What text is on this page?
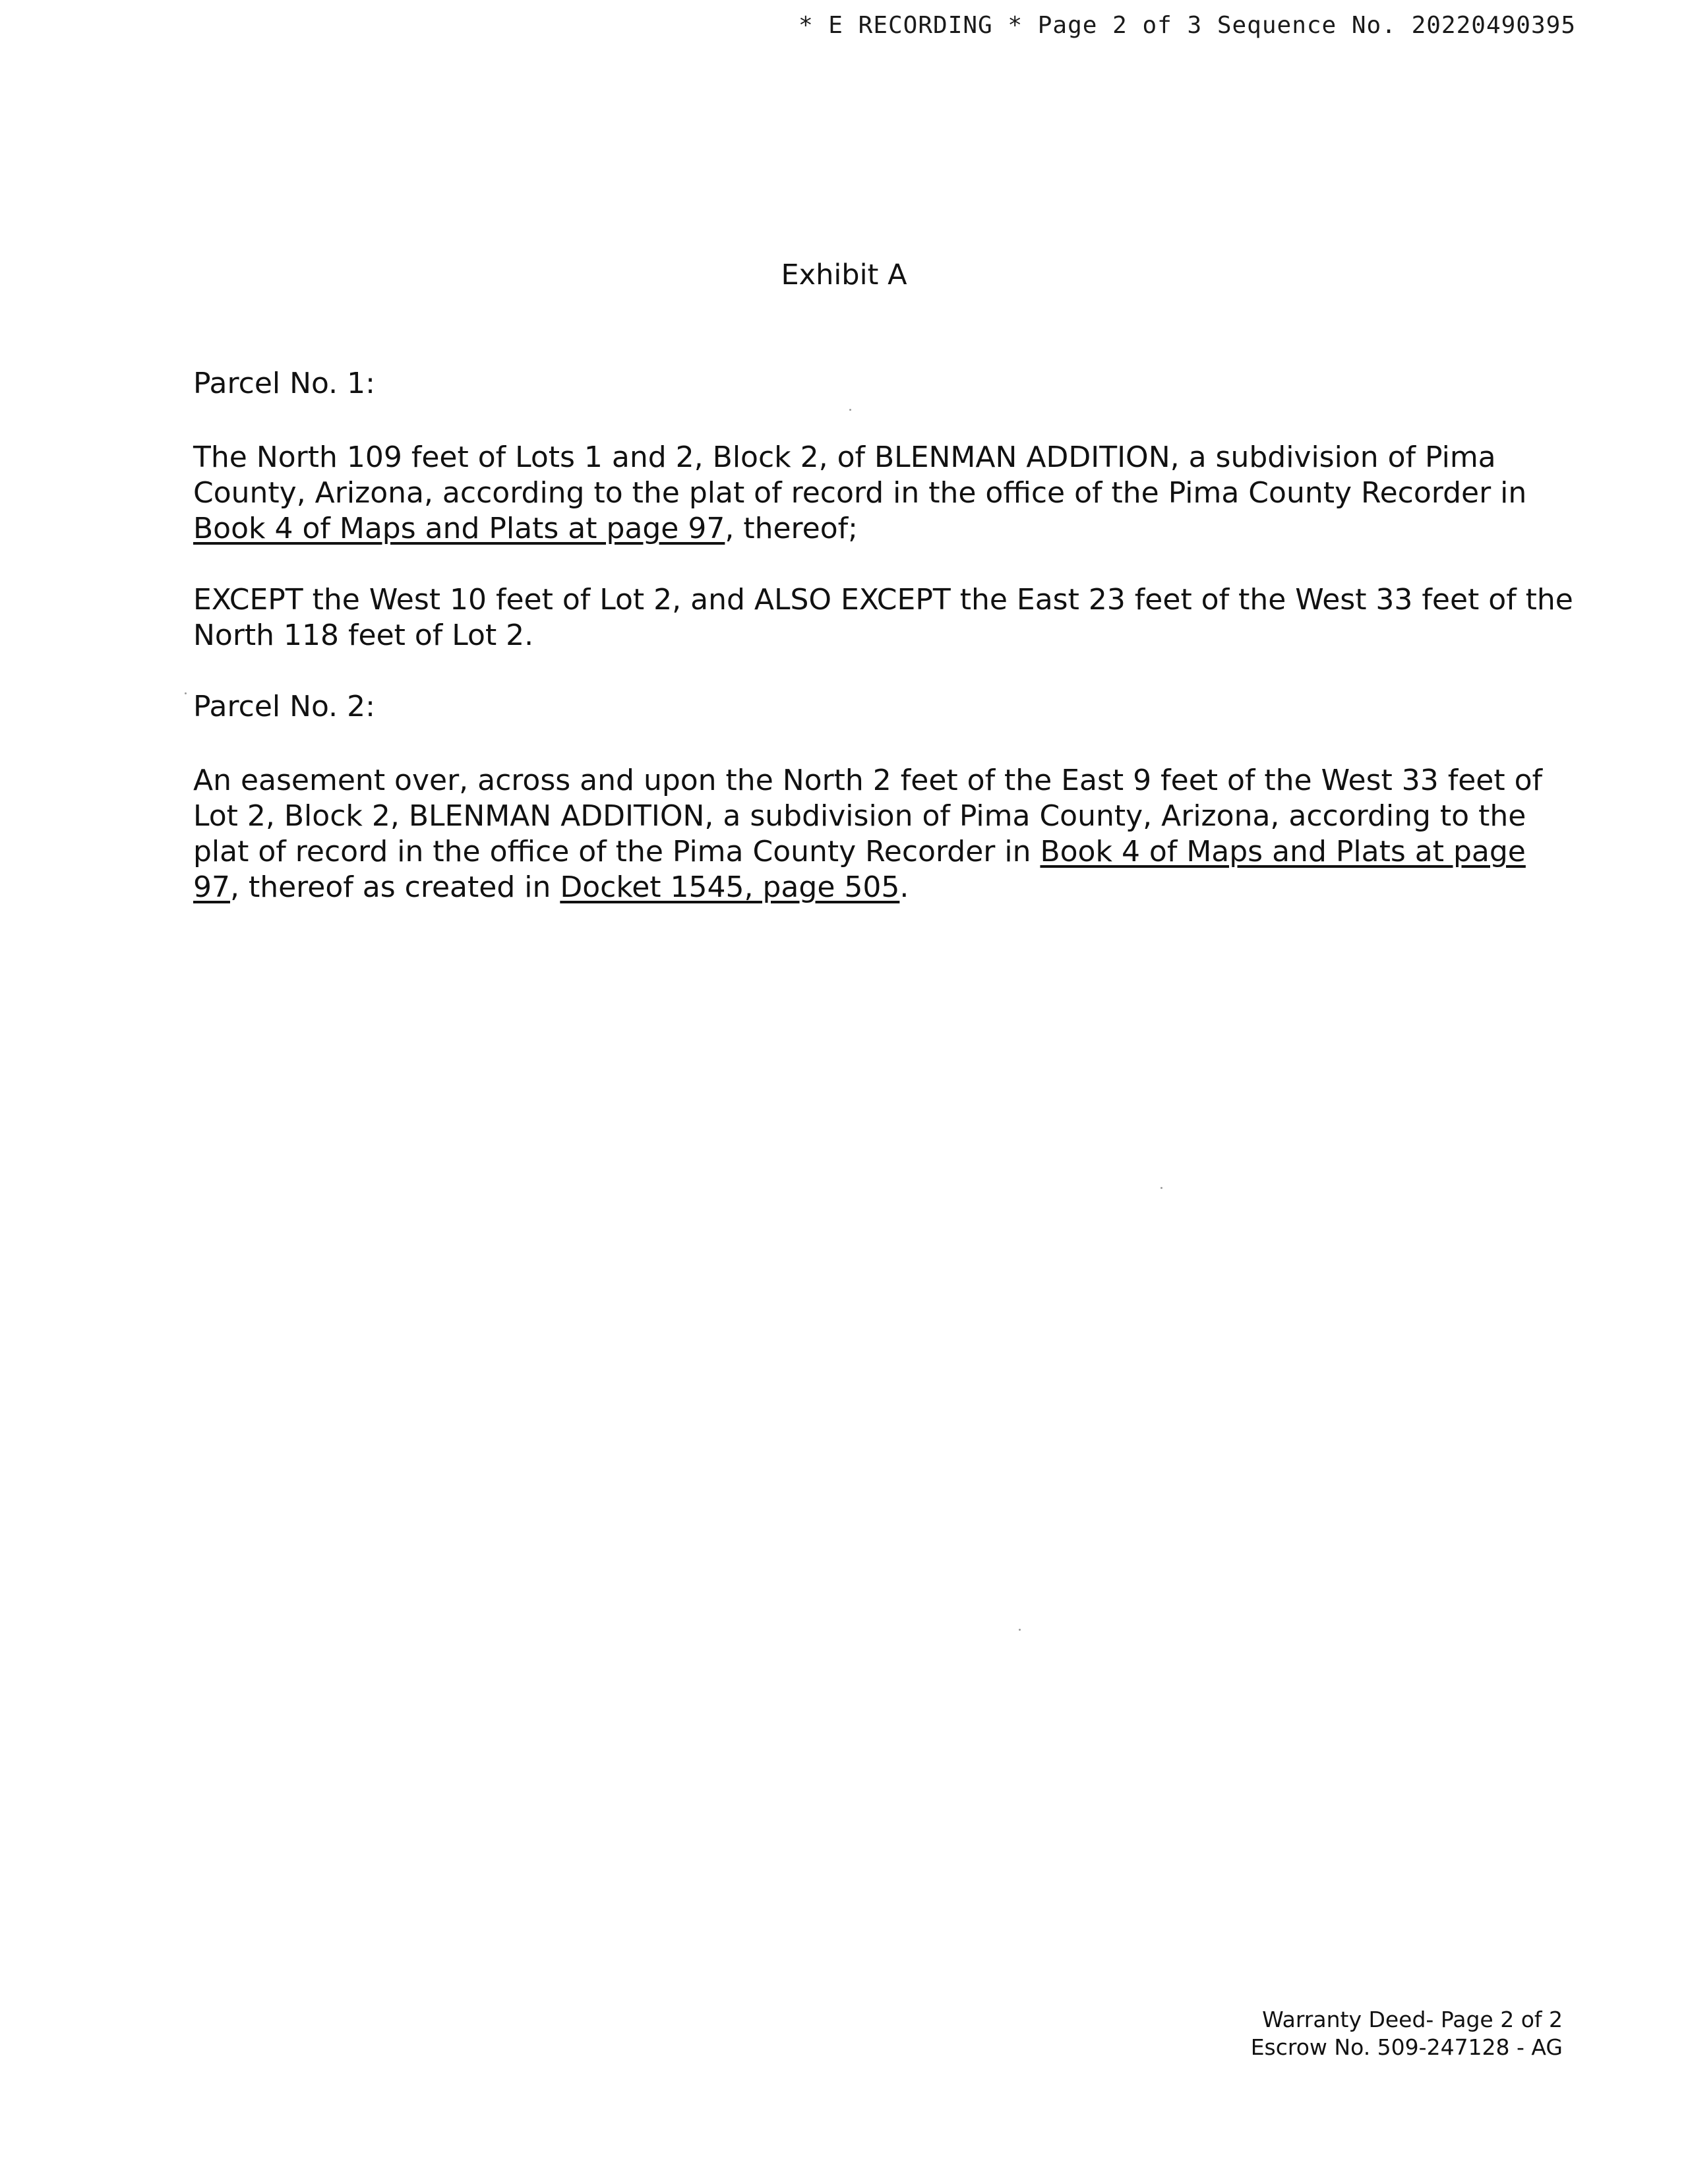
* E RECORDING * Page 2 of 3 Sequence No. 20220490395
Exhibit A

Parcel No. 1:

The North 109 feet of Lots 1 and 2, Block 2, of BLENMAN ADDITION, a subdivision of Pima County, Arizona, according to the plat of record in the office of the Pima County Recorder in Book 4 of Maps and Plats at page 97, thereof;

EXCEPT the West 10 feet of Lot 2, and ALSO EXCEPT the East 23 feet of the West 33 feet of the North 118 feet of Lot 2.

Parcel No. 2:

An easement over, across and upon the North 2 feet of the East 9 feet of the West 33 feet of Lot 2, Block 2, BLENMAN ADDITION, a subdivision of Pima County, Arizona, according to the plat of record in the office of the Pima County Recorder in Book 4 of Maps and Plats at page 97, thereof as created in Docket 1545, page 505.

Warranty Deed- Page 2 of 2
Escrow No. 509-247128 - AG
